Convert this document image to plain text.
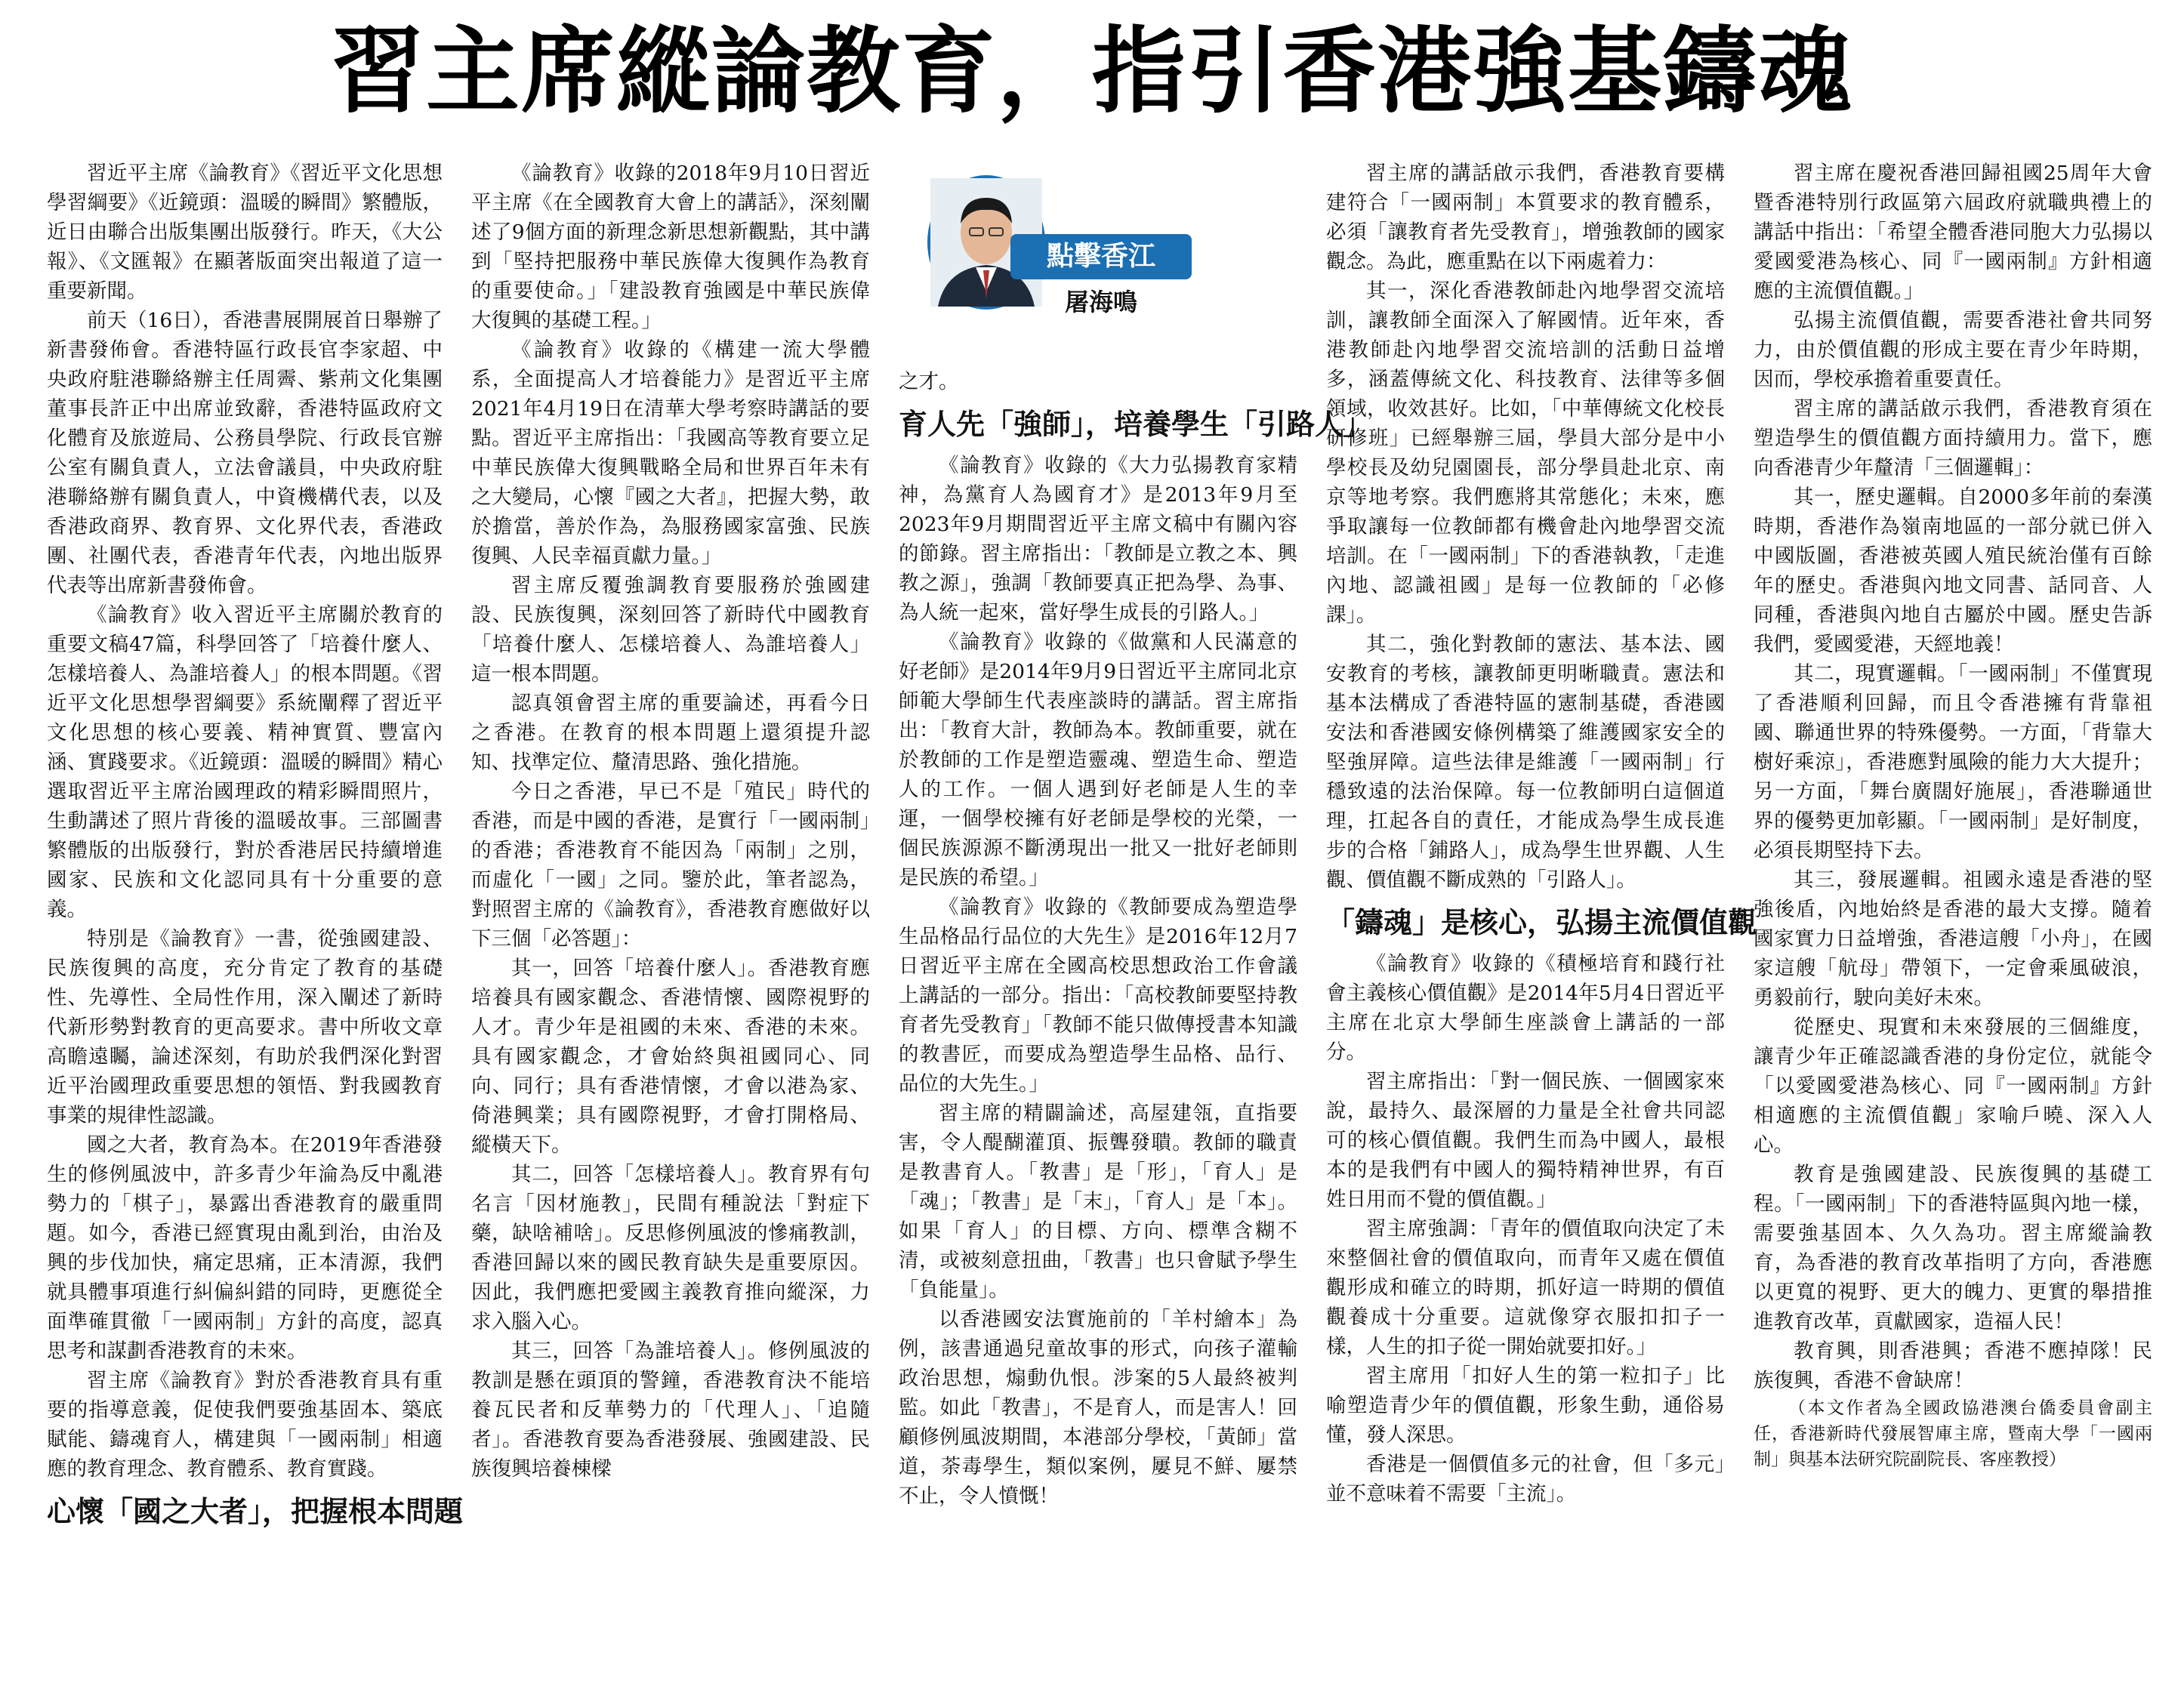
習主席縱論教育，指引香港強基鑄魂

習近平主席《論教育》《習近平文化思想學習綱要》《近鏡頭：溫暖的瞬間》繁體版，近日由聯合出版集團出版發行。昨天，《大公報》、《文匯報》在顯著版面突出報道了這一重要新聞。

前天（16日），香港書展開展首日舉辦了新書發佈會。香港特區行政長官李家超、中央政府駐港聯絡辦主任周霽、紫荊文化集團董事長許正中出席並致辭，香港特區政府文化體育及旅遊局、公務員學院、行政長官辦公室有關負責人，立法會議員，中央政府駐港聯絡辦有關負責人，中資機構代表，以及香港政商界、教育界、文化界代表，香港政團、社團代表，香港青年代表，內地出版界代表等出席新書發佈會。

《論教育》收入習近平主席關於教育的重要文稿47篇，科學回答了「培養什麼人、怎樣培養人、為誰培養人」的根本問題。《習近平文化思想學習綱要》系統闡釋了習近平文化思想的核心要義、精神實質、豐富內涵、實踐要求。《近鏡頭：溫暖的瞬間》精心選取習近平主席治國理政的精彩瞬間照片，生動講述了照片背後的溫暖故事。三部圖書繁體版的出版發行，對於香港居民持續增進國家、民族和文化認同具有十分重要的意義。

特別是《論教育》一書，從強國建設、民族復興的高度，充分肯定了教育的基礎性、先導性、全局性作用，深入闡述了新時代新形勢對教育的更高要求。書中所收文章高瞻遠矚，論述深刻，有助於我們深化對習近平治國理政重要思想的領悟、對我國教育事業的規律性認識。

國之大者，教育為本。在2019年香港發生的修例風波中，許多青少年淪為反中亂港勢力的「棋子」，暴露出香港教育的嚴重問題。如今，香港已經實現由亂到治，由治及興的步伐加快，痛定思痛，正本清源，我們就具體事項進行糾偏糾錯的同時，更應從全面準確貫徹「一國兩制」方針的高度，認真思考和謀劃香港教育的未來。

習主席《論教育》對於香港教育具有重要的指導意義，促使我們要強基固本、築底賦能、鑄魂育人，構建與「一國兩制」相適應的教育理念、教育體系、教育實踐。

心懷「國之大者」，把握根本問題

《論教育》收錄的2018年9月10日習近平主席《在全國教育大會上的講話》，深刻闡述了9個方面的新理念新思想新觀點，其中講到「堅持把服務中華民族偉大復興作為教育的重要使命。」「建設教育強國是中華民族偉大復興的基礎工程。」

《論教育》收錄的《構建一流大學體系，全面提高人才培養能力》是習近平主席2021年4月19日在清華大學考察時講話的要點。習近平主席指出：「我國高等教育要立足中華民族偉大復興戰略全局和世界百年未有之大變局，心懷『國之大者』，把握大勢，敢於擔當，善於作為，為服務國家富強、民族復興、人民幸福貢獻力量。」

習主席反覆強調教育要服務於強國建設、民族復興，深刻回答了新時代中國教育「培養什麼人、怎樣培養人、為誰培養人」這一根本問題。

認真領會習主席的重要論述，再看今日之香港。在教育的根本問題上還須提升認知、找準定位、釐清思路、強化措施。

今日之香港，早已不是「殖民」時代的香港，而是中國的香港，是實行「一國兩制」的香港；香港教育不能因為「兩制」之別，而虛化「一國」之同。鑒於此，筆者認為，對照習主席的《論教育》，香港教育應做好以下三個「必答題」：

其一，回答「培養什麼人」。香港教育應培養具有國家觀念、香港情懷、國際視野的人才。青少年是祖國的未來、香港的未來。具有國家觀念，才會始終與祖國同心、同向、同行；具有香港情懷，才會以港為家、倚港興業；具有國際視野，才會打開格局、縱橫天下。

其二，回答「怎樣培養人」。教育界有句名言「因材施教」，民間有種說法「對症下藥，缺啥補啥」。反思修例風波的慘痛教訓，香港回歸以來的國民教育缺失是重要原因。因此，我們應把愛國主義教育推向縱深，力求入腦入心。

其三，回答「為誰培養人」。修例風波的教訓是懸在頭頂的警鐘，香港教育決不能培養瓦民者和反華勢力的「代理人」、「追隨者」。香港教育要為香港發展、強國建設、民族復興培養棟樑

點擊香江
屠海鳴

之才。

育人先「強師」，培養學生「引路人」

《論教育》收錄的《大力弘揚教育家精神，為黨育人為國育才》是2013年9月至2023年9月期間習近平主席文稿中有關內容的節錄。習主席指出：「教師是立教之本、興教之源」，強調「教師要真正把為學、為事、為人統一起來，當好學生成長的引路人。」

《論教育》收錄的《做黨和人民滿意的好老師》是2014年9月9日習近平主席同北京師範大學師生代表座談時的講話。習主席指出：「教育大計，教師為本。教師重要，就在於教師的工作是塑造靈魂、塑造生命、塑造人的工作。一個人遇到好老師是人生的幸運，一個學校擁有好老師是學校的光榮，一個民族源源不斷湧現出一批又一批好老師則是民族的希望。」

《論教育》收錄的《教師要成為塑造學生品格品行品位的大先生》是2016年12月7日習近平主席在全國高校思想政治工作會議上講話的一部分。指出：「高校教師要堅持教育者先受教育」「教師不能只做傳授書本知識的教書匠，而要成為塑造學生品格、品行、品位的大先生。」

習主席的精闢論述，高屋建瓴，直指要害，令人醍醐灌頂、振聾發聵。教師的職責是教書育人。「教書」是「形」，「育人」是「魂」；「教書」是「末」，「育人」是「本」。如果「育人」的目標、方向、標準含糊不清，或被刻意扭曲，「教書」也只會賦予學生「負能量」。

以香港國安法實施前的「羊村繪本」為例，該書通過兒童故事的形式，向孩子灌輸政治思想，煽動仇恨。涉案的5人最終被判監。如此「教書」，不是育人，而是害人！回顧修例風波期間，本港部分學校，「黃師」當道，荼毒學生，類似案例，屢見不鮮、屢禁不止，令人憤慨！

習主席的講話啟示我們，香港教育要構建符合「一國兩制」本質要求的教育體系，必須「讓教育者先受教育」，增強教師的國家觀念。為此，應重點在以下兩處着力：

其一，深化香港教師赴內地學習交流培訓，讓教師全面深入了解國情。近年來，香港教師赴內地學習交流培訓的活動日益增多，涵蓋傳統文化、科技教育、法律等多個領域，收效甚好。比如，「中華傳統文化校長研修班」已經舉辦三屆，學員大部分是中小學校長及幼兒園園長，部分學員赴北京、南京等地考察。我們應將其常態化；未來，應爭取讓每一位教師都有機會赴內地學習交流培訓。在「一國兩制」下的香港執教，「走進內地、認識祖國」是每一位教師的「必修課」。

其二，強化對教師的憲法、基本法、國安教育的考核，讓教師更明晰職責。憲法和基本法構成了香港特區的憲制基礎，香港國安法和香港國安條例構築了維護國家安全的堅強屏障。這些法律是維護「一國兩制」行穩致遠的法治保障。每一位教師明白這個道理，扛起各自的責任，才能成為學生成長進步的合格「鋪路人」，成為學生世界觀、人生觀、價值觀不斷成熟的「引路人」。

「鑄魂」是核心，弘揚主流價值觀

《論教育》收錄的《積極培育和踐行社會主義核心價值觀》是2014年5月4日習近平主席在北京大學師生座談會上講話的一部分。

習主席指出：「對一個民族、一個國家來說，最持久、最深層的力量是全社會共同認可的核心價值觀。我們生而為中國人，最根本的是我們有中國人的獨特精神世界，有百姓日用而不覺的價值觀。」

習主席強調：「青年的價值取向決定了未來整個社會的價值取向，而青年又處在價值觀形成和確立的時期，抓好這一時期的價值觀養成十分重要。這就像穿衣服扣扣子一樣，人生的扣子從一開始就要扣好。」

習主席用「扣好人生的第一粒扣子」比喻塑造青少年的價值觀，形象生動，通俗易懂，發人深思。

香港是一個價值多元的社會，但「多元」並不意味着不需要「主流」。

習主席在慶祝香港回歸祖國25周年大會暨香港特別行政區第六屆政府就職典禮上的講話中指出：「希望全體香港同胞大力弘揚以愛國愛港為核心、同『一國兩制』方針相適應的主流價值觀。」

弘揚主流價值觀，需要香港社會共同努力，由於價值觀的形成主要在青少年時期，因而，學校承擔着重要責任。

習主席的講話啟示我們，香港教育須在塑造學生的價值觀方面持續用力。當下，應向香港青少年釐清「三個邏輯」：

其一，歷史邏輯。自2000多年前的秦漢時期，香港作為嶺南地區的一部分就已併入中國版圖，香港被英國人殖民統治僅有百餘年的歷史。香港與內地文同書、話同音、人同種，香港與內地自古屬於中國。歷史告訴我們，愛國愛港，天經地義！

其二，現實邏輯。「一國兩制」不僅實現了香港順利回歸，而且令香港擁有背靠祖國、聯通世界的特殊優勢。一方面，「背靠大樹好乘涼」，香港應對風險的能力大大提升；另一方面，「舞台廣闊好施展」，香港聯通世界的優勢更加彰顯。「一國兩制」是好制度，必須長期堅持下去。

其三，發展邏輯。祖國永遠是香港的堅強後盾，內地始終是香港的最大支撐。隨着國家實力日益增強，香港這艘「小舟」，在國家這艘「航母」帶領下，一定會乘風破浪，勇毅前行，駛向美好未來。

從歷史、現實和未來發展的三個維度，讓青少年正確認識香港的身份定位，就能令「以愛國愛港為核心、同『一國兩制』方針相適應的主流價值觀」家喻戶曉、深入人心。

教育是強國建設、民族復興的基礎工程。「一國兩制」下的香港特區與內地一樣，需要強基固本、久久為功。習主席縱論教育，為香港的教育改革指明了方向，香港應以更寬的視野、更大的魄力、更實的舉措推進教育改革，貢獻國家，造福人民！

教育興，則香港興；香港不應掉隊！民族復興，香港不會缺席！

（本文作者為全國政協港澳台僑委員會副主任，香港新時代發展智庫主席，暨南大學「一國兩制」與基本法研究院副院長、客座教授）
